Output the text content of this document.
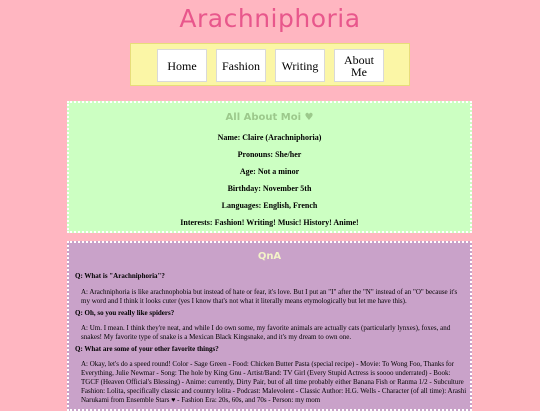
Arachniphoria
Home	Fashion	Writing	About Me
All About Moi ♥
Name: Claire (Arachniphoria)
Pronouns: She/her
Age: Not a minor
Birthday: November 5th
Languages: English, French
Interests: Fashion! Writing! Music! History! Anime!
QnA
Q: What is "Arachniphoria"?
A: Arachniphoria is like arachnophobia but instead of hate or fear, it's love. But I put an "I" after the "N" instead of an "O" because it's my word and I think it looks cuter (yes I know that's not what it literally means etymologically but let me have this).
Q: Oh, so you really like spiders?
A: Um. I mean. I think they're neat, and while I do own some, my favorite animals are actually cats (particularly lynxes), foxes, and snakes! My favorite type of snake is a Mexican Black Kingsnake, and it's my dream to own one.
Q: What are some of your other favorite things?
A: Okay, let's do a speed round! Color - Sage Green - Food: Chicken Butter Pasta (special recipe) - Movie: To Wong Foo, Thanks for Everything, Julie Newmar - Song: The hole by King Gnu - Artist/Band: TV Girl (Every Stupid Actress is soooo underrated) - Book: TGCF (Heaven Official's Blessing) - Anime: currently, Dirty Pair, but of all time probably either Banana Fish or Ranma 1/2 - Subculture Fashion: Lolita, specifically classic and country lolita - Podcast: Malevolent - Classic Author: H.G. Wells - Character (of all time): Arashi Narukami from Ensemble Stars ♥ - Fashion Era: 20s, 60s, and 70s - Person: my mom
